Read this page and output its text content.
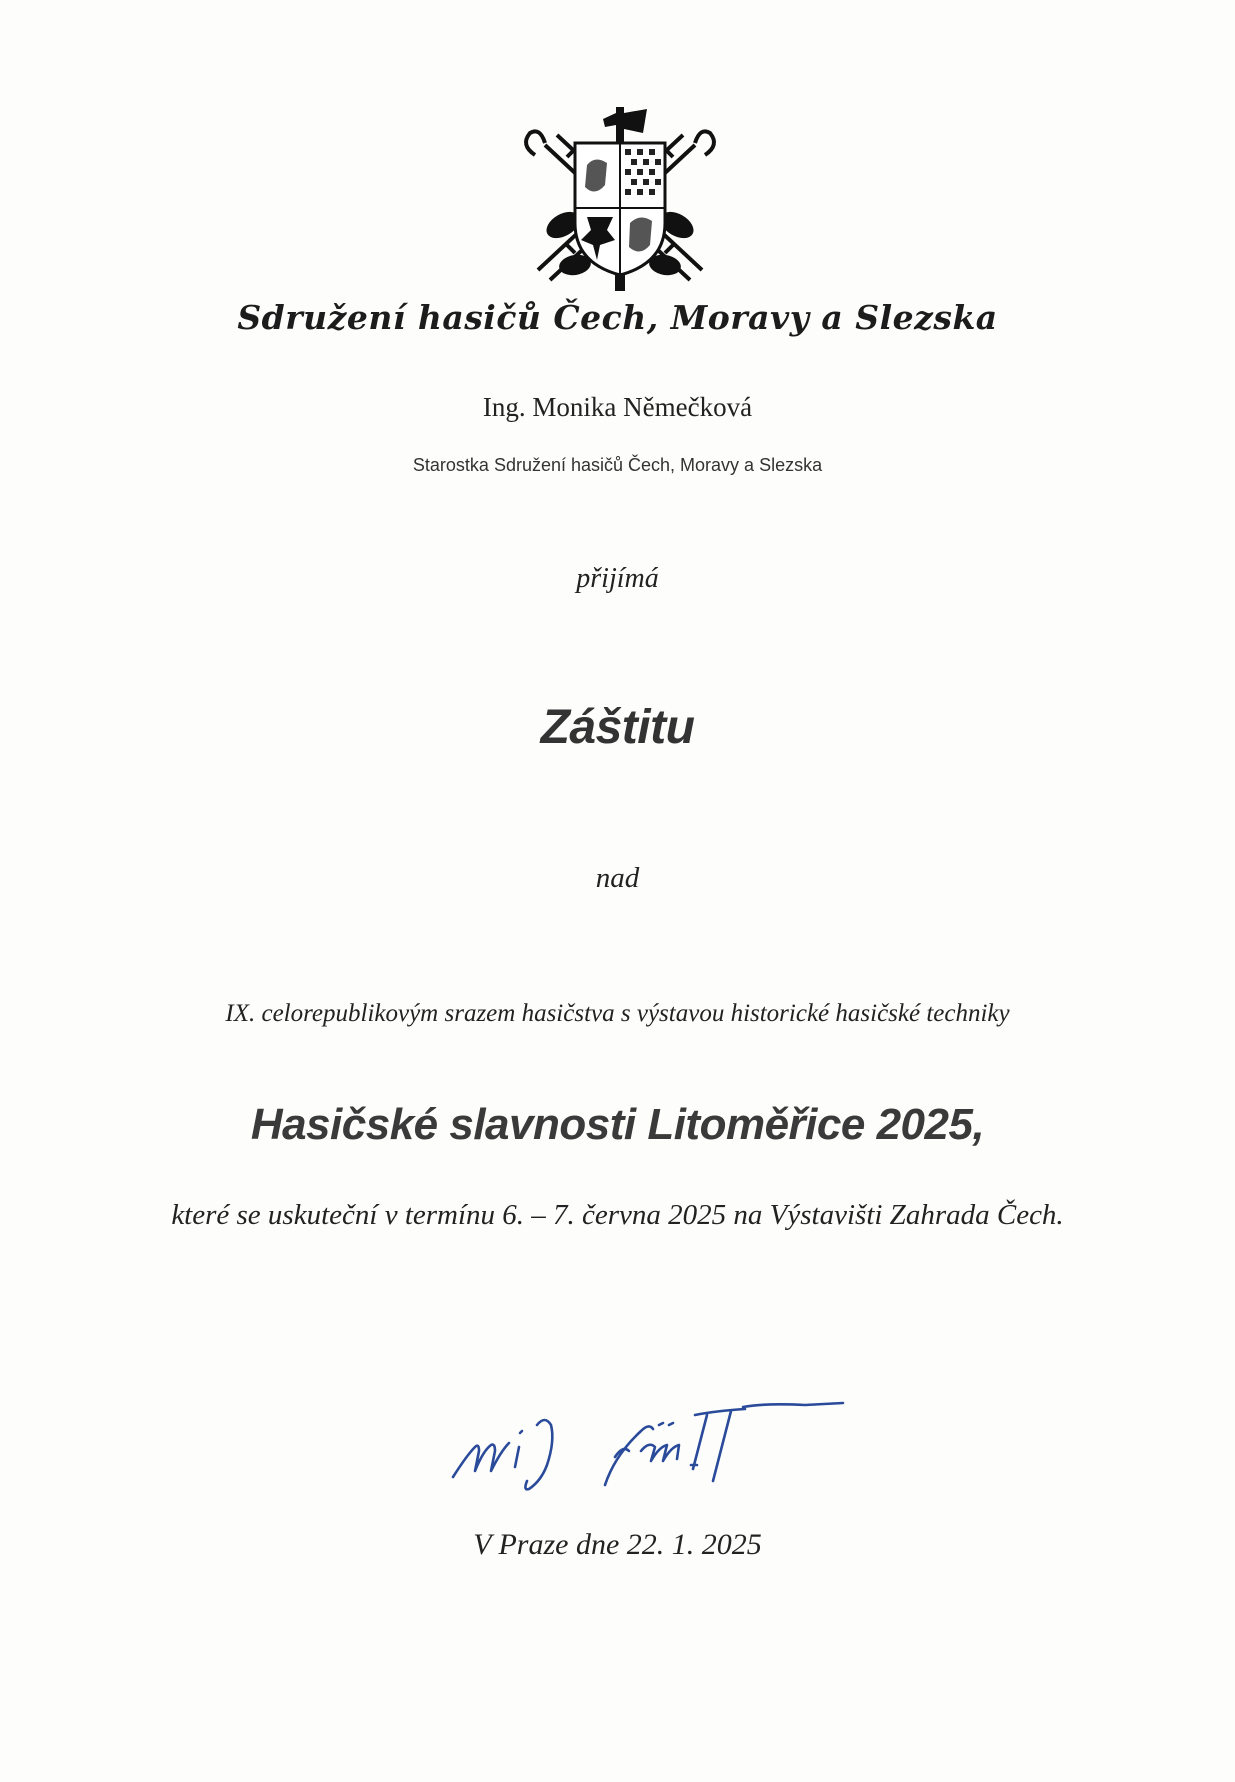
Sdružení hasičů Čech, Moravy a Slezska
Ing. Monika Němečková
Starostka Sdružení hasičů Čech, Moravy a Slezska
přijímá
Záštitu
nad
IX. celorepublikovým srazem hasičstva s výstavou historické hasičské techniky
Hasičské slavnosti Litoměřice 2025,
které se uskuteční v termínu 6. – 7. června 2025 na Výstavišti Zahrada Čech.
V Praze dne 22. 1. 2025
